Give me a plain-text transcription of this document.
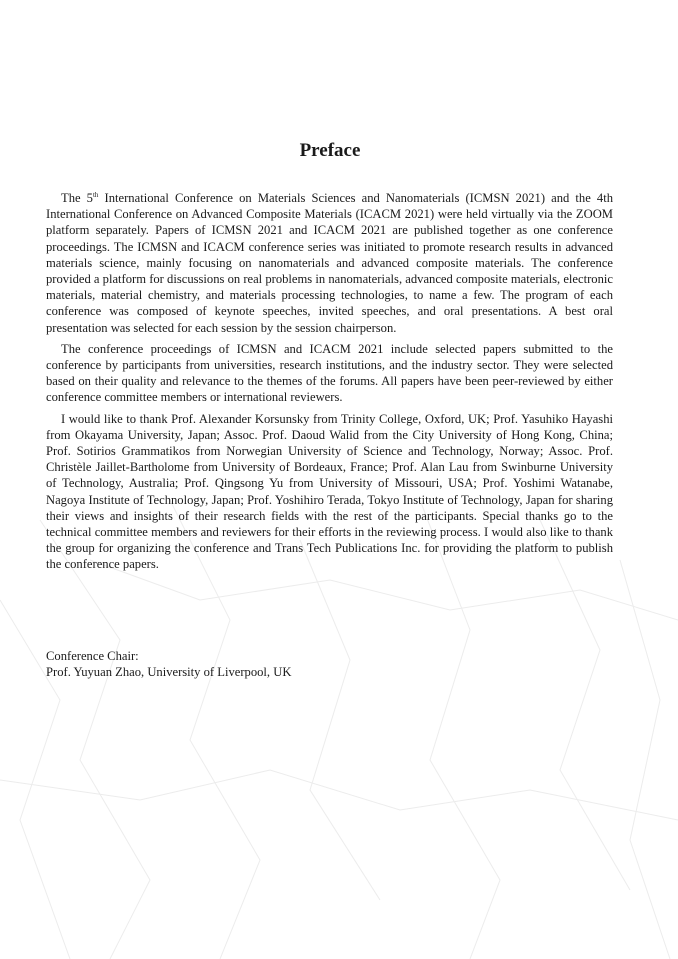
Preface

The 5th International Conference on Materials Sciences and Nanomaterials (ICMSN 2021) and the 4th International Conference on Advanced Composite Materials (ICACM 2021) were held virtually via the ZOOM platform separately. Papers of ICMSN 2021 and ICACM 2021 are published together as one conference proceedings. The ICMSN and ICACM conference series was initiated to promote research results in advanced materials science, mainly focusing on nanomaterials and advanced composite materials. The conference provided a platform for discussions on real problems in nanomaterials, advanced composite materials, electronic materials, material chemistry, and materials processing technologies, to name a few. The program of each conference was composed of keynote speeches, invited speeches, and oral presentations. A best oral presentation was selected for each session by the session chairperson.

The conference proceedings of ICMSN and ICACM 2021 include selected papers submitted to the conference by participants from universities, research institutions, and the industry sector. They were selected based on their quality and relevance to the themes of the forums. All papers have been peer-reviewed by either conference committee members or international reviewers.

I would like to thank Prof. Alexander Korsunsky from Trinity College, Oxford, UK; Prof. Yasuhiko Hayashi from Okayama University, Japan; Assoc. Prof. Daoud Walid from the City University of Hong Kong, China; Prof. Sotirios Grammatikos from Norwegian University of Science and Technology, Norway; Assoc. Prof. Christèle Jaillet-Bartholome from University of Bordeaux, France; Prof. Alan Lau from Swinburne University of Technology, Australia; Prof. Qingsong Yu from University of Missouri, USA; Prof. Yoshimi Watanabe, Nagoya Institute of Technology, Japan; Prof. Yoshihiro Terada, Tokyo Institute of Technology, Japan for sharing their views and insights of their research fields with the rest of the participants. Special thanks go to the technical committee members and reviewers for their efforts in the reviewing process. I would also like to thank the group for organizing the conference and Trans Tech Publications Inc. for providing the platform to publish the conference papers.

Conference Chair:
Prof. Yuyuan Zhao, University of Liverpool, UK
